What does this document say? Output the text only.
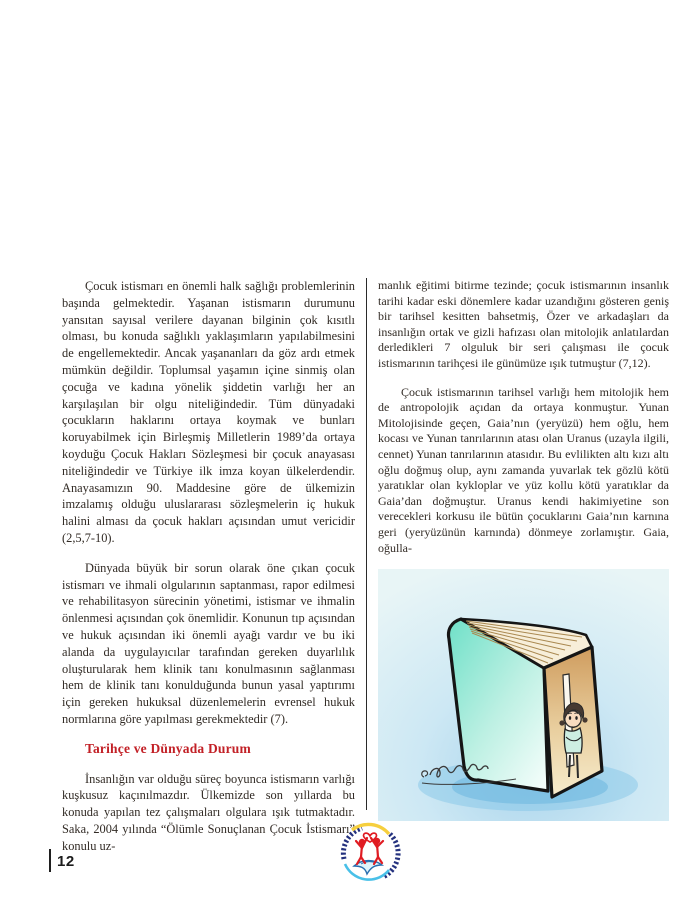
Çocuk istismarı en önemli halk sağlığı problemlerinin başında gelmektedir. Yaşanan istismarın durumunu yansıtan sayısal verilere dayanan bilginin çok kısıtlı olması, bu konuda sağlıklı yaklaşımların yapılabilmesini de engellemektedir. Ancak yaşananları da göz ardı etmek mümkün değildir. Toplumsal yaşamın içine sinmiş olan çocuğa ve kadına yönelik şiddetin varlığı her an karşılaşılan bir olgu niteliğindedir. Tüm dünyadaki çocukların haklarını ortaya koymak ve bunları koruyabilmek için Birleşmiş Milletlerin 1989’da ortaya koyduğu Çocuk Hakları Sözleşmesi bir çocuk anayasası niteliğindedir ve Türkiye ilk imza koyan ülkelerdendir. Anayasamızın 90. Maddesine göre de ülkemizin imzalamış olduğu uluslararası sözleşmelerin iç hukuk halini alması da çocuk hakları açısından umut vericidir (2,5,7-10).

Dünyada büyük bir sorun olarak öne çıkan çocuk istismarı ve ihmali olgularının saptanması, rapor edilmesi ve rehabilitasyon sürecinin yönetimi, istismar ve ihmalin önlenmesi açısından çok önemlidir. Konunun tıp açısından ve hukuk açısından iki önemli ayağı vardır ve bu iki alanda da uygulayıcılar tarafından gereken duyarlılık oluşturularak hem klinik tanı konulmasının sağlanması hem de klinik tanı konulduğunda bunun yasal yaptırımı için gereken hukuksal düzenlemelerin evrensel hukuk normlarına göre yapılması gerekmektedir (7).

Tarihçe ve Dünyada Durum

İnsanlığın var olduğu süreç boyunca istismarın varlığı kuşkusuz kaçınılmazdır. Ülkemizde son yıllarda bu konuda yapılan tez çalışmaları olgulara ışık tutmaktadır. Saka, 2004 yılında “Ölümle Sonuçlanan Çocuk İstismarı” konulu uz-

manlık eğitimi bitirme tezinde; çocuk istismarının insanlık tarihi kadar eski dönemlere kadar uzandığını gösteren geniş bir tarihsel kesitten bahsetmiş, Özer ve arkadaşları da insanlığın ortak ve gizli hafızası olan mitolojik anlatılardan derledikleri 7 olguluk bir seri çalışması ile çocuk istismarının tarihçesi ile günümüze ışık tutmuştur (7,12).

Çocuk istismarının tarihsel varlığı hem mitolojik hem de antropolojik açıdan da ortaya konmuştur. Yunan Mitolojisinde geçen, Gaia’nın (yeryüzü) hem oğlu, hem kocası ve Yunan tanrılarının atası olan Uranus (uzayla ilgili, cennet) Yunan tanrılarının atasıdır. Bu evlilikten altı kızı altı oğlu doğmuş olup, aynı zamanda yuvarlak tek gözlü kötü yaratıklar olan kykloplar ve yüz kollu kötü yaratıklar da Gaia’dan doğmuştur. Uranus kendi hakimiyetine son verecekleri korkusu ile bütün çocuklarını Gaia’nın karnına geri (yeryüzünün karnında) dönmeye zorlamıştır. Gaia, oğulla-

12
